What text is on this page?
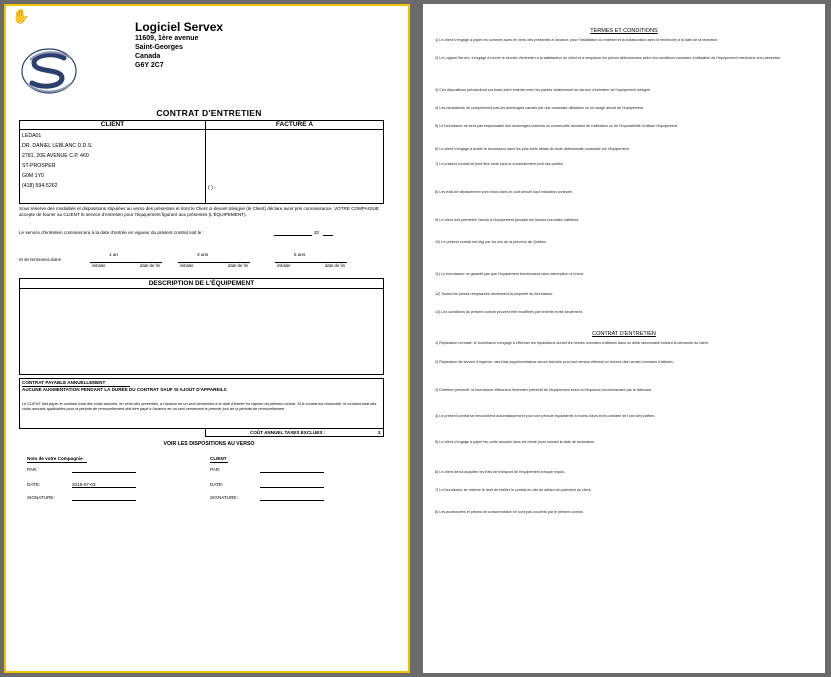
✋
Logiciel Servex
11609, 1ère avenue
Saint-Georges
Canada
G6Y 2C7
CONTRAT D'ENTRETIEN
CLIENT
LEDA01
DR. DANIEL LEBLANC D.D.S.
2781, 20E AVENUE C.P. 460
ST-PROSPER
G0M 1Y0
(418) 594-5262
FACTURE À
( ) -
Sous réserve des modalités et dispositions stipulées au verso des présentes et dont le Client ci-devant désigné (le Client) déclare avoir pris connaissance, VOTRE COMPAGNIE accepte de fournir au CLIENT le service d'entretien pour l'équipement figurant aux présentes (L'ÉQUIPEMENT).
Le service d'entretien commencera à la date d'entrée en vigueur du présent contrat soit le :	20
et se terminera dans
1 an
initialer	date de fin
3 ans
initialer	date de fin
5 ans
initialer	date de fin
DESCRIPTION DE L'ÉQUIPEMENT
CONTRAT PAYABLE ANNUELLEMENT
AUCUNE AUGMENTATION PENDANT LA DURÉE DU CONTRAT SAUF SI AJOUT D'APPAREILS
Le CLIENT doit payer le montant total des coûts annuels, en vertu des présentes, à l'avance en un seul versement à la date d'entrée en vigueur du présent contrat. Si le contrat est renouvelé, le montant total des coûts annuels applicables pour la période de renouvellement doit être payé à l'avance en un seul versement le premier jour de la période de renouvellement.
COÛT ANNUEL TAXES EXCLUES :	$
VOIR LES DISPOSITIONS AU VERSO
Nom de votre Compagnie	CLIENT
PAR:	PAR:
DATE:	2015-07-03	DATE:
SIGNATURE:	SIGNATURE:
TERMES ET CONDITIONS
1) Le client s'engage à payer les sommes dues en vertu des présentes à l'avance, pour l'installation du matériel et la collaboration avec le technicien à la date de la réception.
2) Le Logiciel Servex, s'engage à fournir le service d'entretien à la satisfaction du client et à remplacer les pièces défectueuses selon les conditions normales d'utilisation de l'équipement mentionné aux présentes.
3) Ces dispositions prévaudront sur toute autre entente entre les parties relativement au service d'entretien de l'équipement désigné.
4) Les réparations ne comprennent pas les dommages causés par une mauvaise utilisation ou un usage abusif de l'équipement.
5) Le fournisseur ne sera pas responsable des dommages indirects ou consécutifs résultant de l'utilisation ou de l'impossibilité d'utiliser l'équipement.
6) Le client s'engage à aviser le fournisseur dans les plus brefs délais de toute défectuosité constatée sur l'équipement.
7) Le présent contrat ne peut être cédé sans le consentement écrit des parties.
8) Les frais de déplacement sont inclus dans le coût annuel sauf indication contraire.
9) Le client doit permettre l'accès à l'équipement pendant les heures normales d'affaires.
10) Le présent contrat est régi par les lois de la province de Québec.
11) Le fournisseur ne garantit pas que l'équipement fonctionnera sans interruption ni erreur.
12) Toutes les pièces remplacées deviennent la propriété du fournisseur.
13) Les conditions du présent contrat peuvent être modifiées par entente écrite seulement.
CONTRAT D'ENTRETIEN
1) Réparation normale: le fournisseur s'engage à effectuer les réparations durant les heures normales d'affaires dans un délai raisonnable suivant la demande du client.
2) Réparation de service d'urgence: des frais supplémentaires seront facturés pour tout service effectué en dehors des heures normales d'affaires.
3) Entretien préventif: le fournisseur effectuera l'entretien préventif de l'équipement selon la fréquence recommandée par le fabricant.
4) Le présent contrat se renouvellera automatiquement pour une période équivalente à moins d'avis écrit contraire de l'une des parties.
5) Le client s'engage à payer les coûts annuels dans les trente jours suivant la date de facturation.
6) Le client devra acquitter les frais de transport de l'équipement lorsque requis.
7) Le fournisseur se réserve le droit de résilier le contrat en cas de défaut de paiement du client.
8) Les accessoires et pièces de consommation ne sont pas couverts par le présent contrat.
